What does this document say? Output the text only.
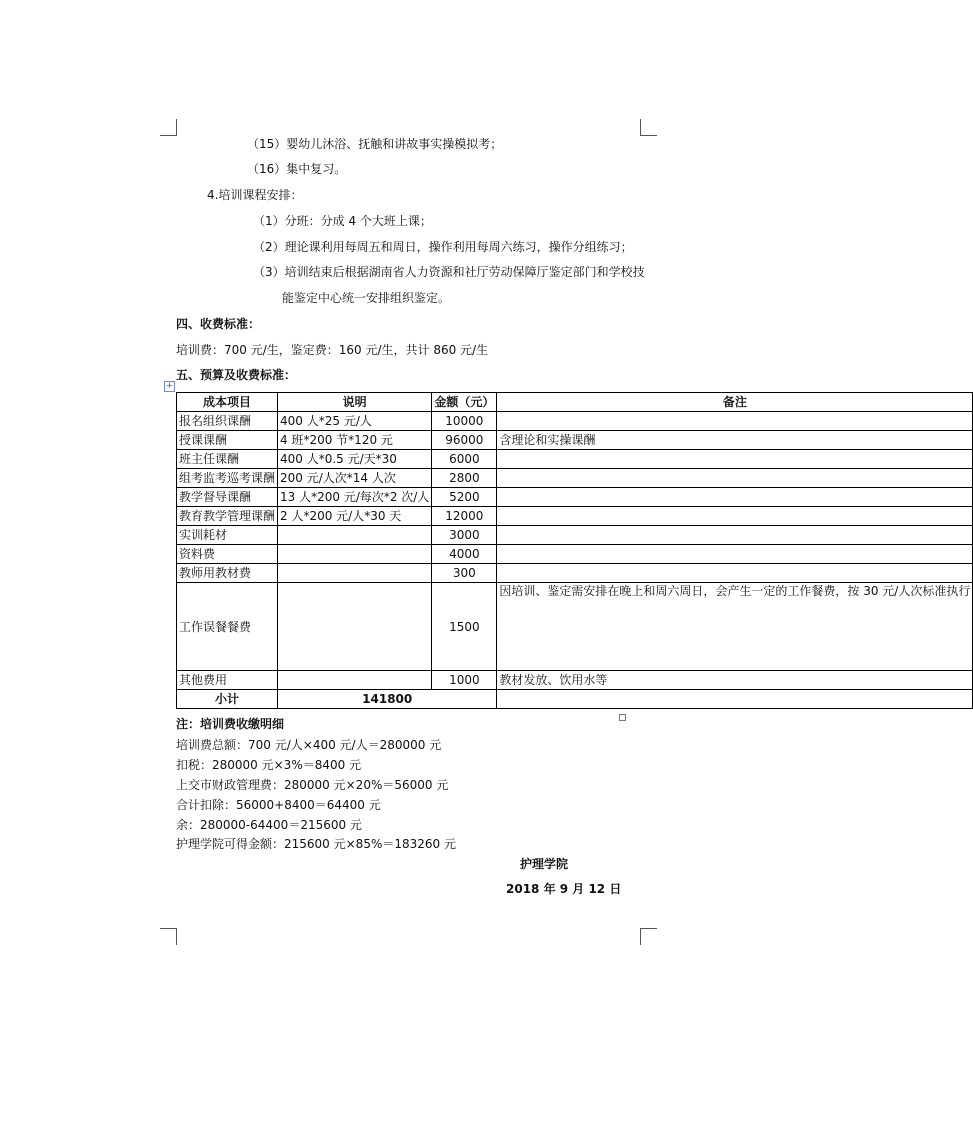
（15）婴幼儿沐浴、抚触和讲故事实操模拟考；
（16）集中复习。
4.培训课程安排：
（1）分班：分成 4 个大班上课；
（2）理论课利用每周五和周日，操作利用每周六练习，操作分组练习；
（3）培训结束后根据湖南省人力资源和社厅劳动保障厅鉴定部门和学校技
能鉴定中心统一安排组织鉴定。
四、收费标准：
培训费：700 元/生，鉴定费：160 元/生，共计 860 元/生
五、预算及收费标准：
+
成本项目	说明	金额（元）	备注
报名组织课酬	400 人*25 元/人	10000	
授课课酬	4 班*200 节*120 元	96000	含理论和实操课酬
班主任课酬	400 人*0.5 元/天*30	6000	
组考监考巡考课酬	200 元/人次*14 人次	2800	
教学督导课酬	13 人*200 元/每次*2 次/人	5200	
教育教学管理课酬	2 人*200 元/人*30 天	12000	
实训耗材		3000	
资料费		4000	
教师用教材费		300	
工作误餐餐费		1500	因培训、鉴定需安排在晚上和周六周日，会产生一定的工作餐费，按 30 元/人次标准执行
其他费用		1000	教材发放、饮用水等
小计	141800		
注：培训费收缴明细
培训费总额：700 元/人×400 元/人＝280000 元
扣税：280000 元×3%＝8400 元
上交市财政管理费：280000 元×20%＝56000 元
合计扣除：56000+8400＝64400 元
余：280000-64400＝215600 元
护理学院可得金额：215600 元×85%＝183260 元
护理学院
2018 年 9 月 12 日
